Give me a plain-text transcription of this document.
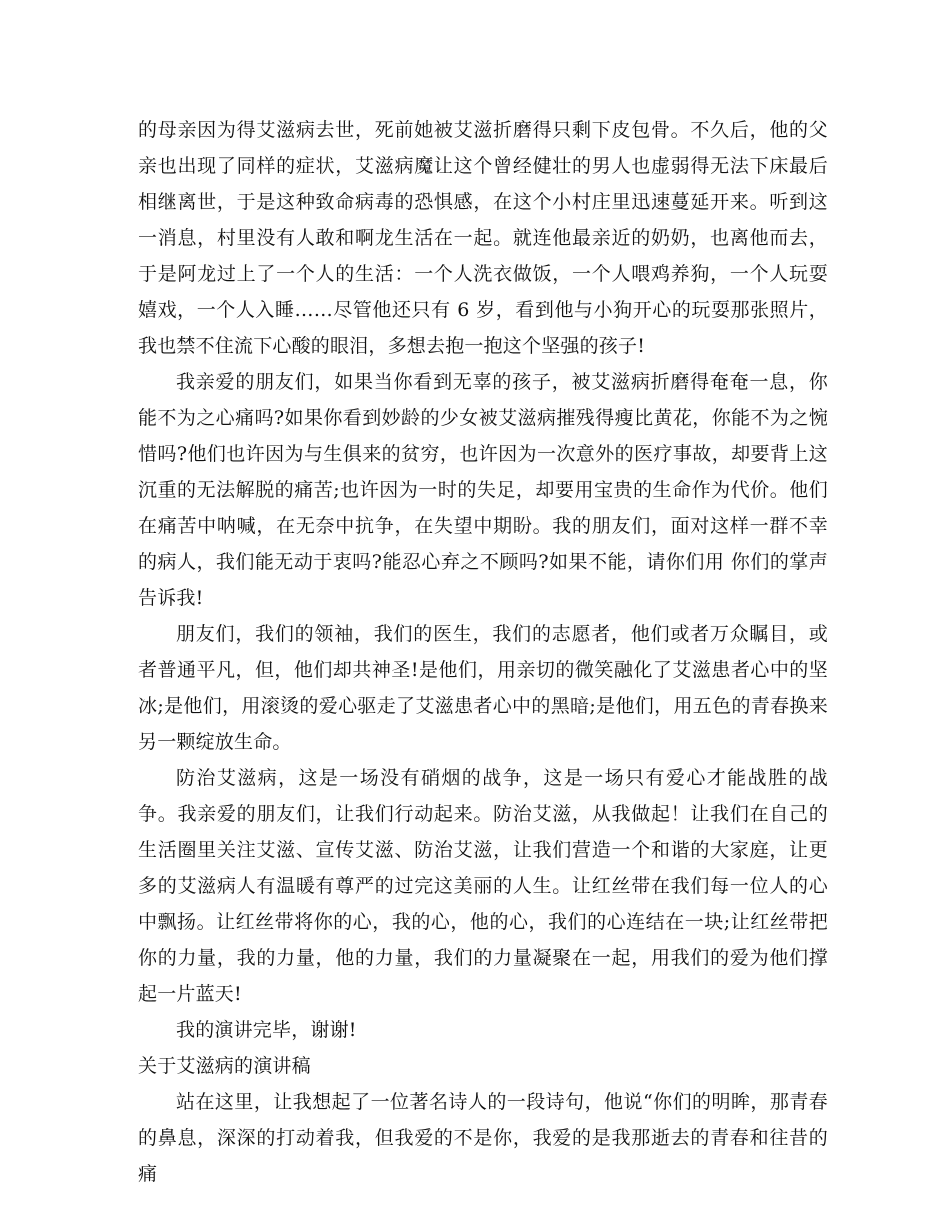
的母亲因为得艾滋病去世，死前她被艾滋折磨得只剩下皮包骨。不久后，他的父亲也出现了同样的症状，艾滋病魔让这个曾经健壮的男人也虚弱得无法下床最后相继离世，于是这种致命病毒的恐惧感，在这个小村庄里迅速蔓延开来。听到这一消息，村里没有人敢和啊龙生活在一起。就连他最亲近的奶奶，也离他而去，于是阿龙过上了一个人的生活：一个人洗衣做饭，一个人喂鸡养狗，一个人玩耍嬉戏，一个人入睡……尽管他还只有 6 岁，看到他与小狗开心的玩耍那张照片， 我也禁不住流下心酸的眼泪，多想去抱一抱这个坚强的孩子!

我亲爱的朋友们，如果当你看到无辜的孩子，被艾滋病折磨得奄奄一息，你能不为之心痛吗?如果你看到妙龄的少女被艾滋病摧残得瘦比黄花，你能不为之惋惜吗?他们也许因为与生俱来的贫穷，也许因为一次意外的医疗事故，却要背上这沉重的无法解脱的痛苦;也许因为一时的失足，却要用宝贵的生命作为代价。他们在痛苦中呐喊，在无奈中抗争，在失望中期盼。我的朋友们，面对这样一群不幸的病人，我们能无动于衷吗?能忍心弃之不顾吗?如果不能，请你们用 你们的掌声告诉我!

朋友们，我们的领袖，我们的医生，我们的志愿者，他们或者万众瞩目，或者普通平凡，但，他们却共神圣!是他们，用亲切的微笑融化了艾滋患者心中的坚冰;是他们，用滚烫的爱心驱走了艾滋患者心中的黑暗;是他们，用五色的青春换来另一颗绽放生命。

防治艾滋病，这是一场没有硝烟的战争，这是一场只有爱心才能战胜的战争。我亲爱的朋友们，让我们行动起来。防治艾滋，从我做起！让我们在自己的生活圈里关注艾滋、宣传艾滋、防治艾滋，让我们营造一个和谐的大家庭，让更多的艾滋病人有温暖有尊严的过完这美丽的人生。让红丝带在我们每一位人的心中飘扬。让红丝带将你的心，我的心，他的心，我们的心连结在一块;让红丝带把你的力量，我的力量，他的力量，我们的力量凝聚在一起，用我们的爱为他们撑起一片蓝天!

我的演讲完毕，谢谢!

关于艾滋病的演讲稿

站在这里，让我想起了一位著名诗人的一段诗句，他说“你们的明眸，那青春的鼻息，深深的打动着我，但我爱的不是你，我爱的是我那逝去的青春和往昔的痛
